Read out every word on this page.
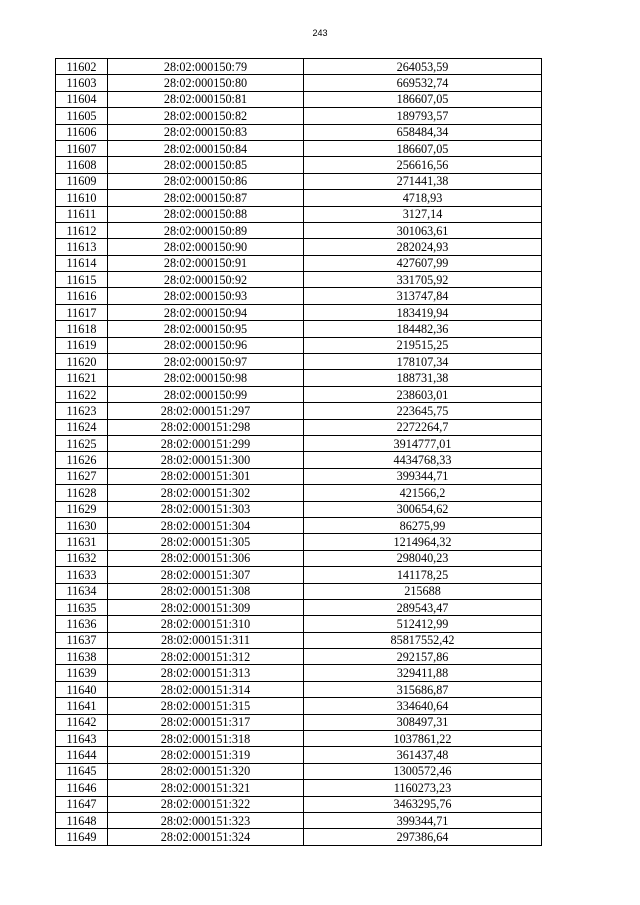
243
11602	28:02:000150:79	264053,59
11603	28:02:000150:80	669532,74
11604	28:02:000150:81	186607,05
11605	28:02:000150:82	189793,57
11606	28:02:000150:83	658484,34
11607	28:02:000150:84	186607,05
11608	28:02:000150:85	256616,56
11609	28:02:000150:86	271441,38
11610	28:02:000150:87	4718,93
11611	28:02:000150:88	3127,14
11612	28:02:000150:89	301063,61
11613	28:02:000150:90	282024,93
11614	28:02:000150:91	427607,99
11615	28:02:000150:92	331705,92
11616	28:02:000150:93	313747,84
11617	28:02:000150:94	183419,94
11618	28:02:000150:95	184482,36
11619	28:02:000150:96	219515,25
11620	28:02:000150:97	178107,34
11621	28:02:000150:98	188731,38
11622	28:02:000150:99	238603,01
11623	28:02:000151:297	223645,75
11624	28:02:000151:298	2272264,7
11625	28:02:000151:299	3914777,01
11626	28:02:000151:300	4434768,33
11627	28:02:000151:301	399344,71
11628	28:02:000151:302	421566,2
11629	28:02:000151:303	300654,62
11630	28:02:000151:304	86275,99
11631	28:02:000151:305	1214964,32
11632	28:02:000151:306	298040,23
11633	28:02:000151:307	141178,25
11634	28:02:000151:308	215688
11635	28:02:000151:309	289543,47
11636	28:02:000151:310	512412,99
11637	28:02:000151:311	85817552,42
11638	28:02:000151:312	292157,86
11639	28:02:000151:313	329411,88
11640	28:02:000151:314	315686,87
11641	28:02:000151:315	334640,64
11642	28:02:000151:317	308497,31
11643	28:02:000151:318	1037861,22
11644	28:02:000151:319	361437,48
11645	28:02:000151:320	1300572,46
11646	28:02:000151:321	1160273,23
11647	28:02:000151:322	3463295,76
11648	28:02:000151:323	399344,71
11649	28:02:000151:324	297386,64
